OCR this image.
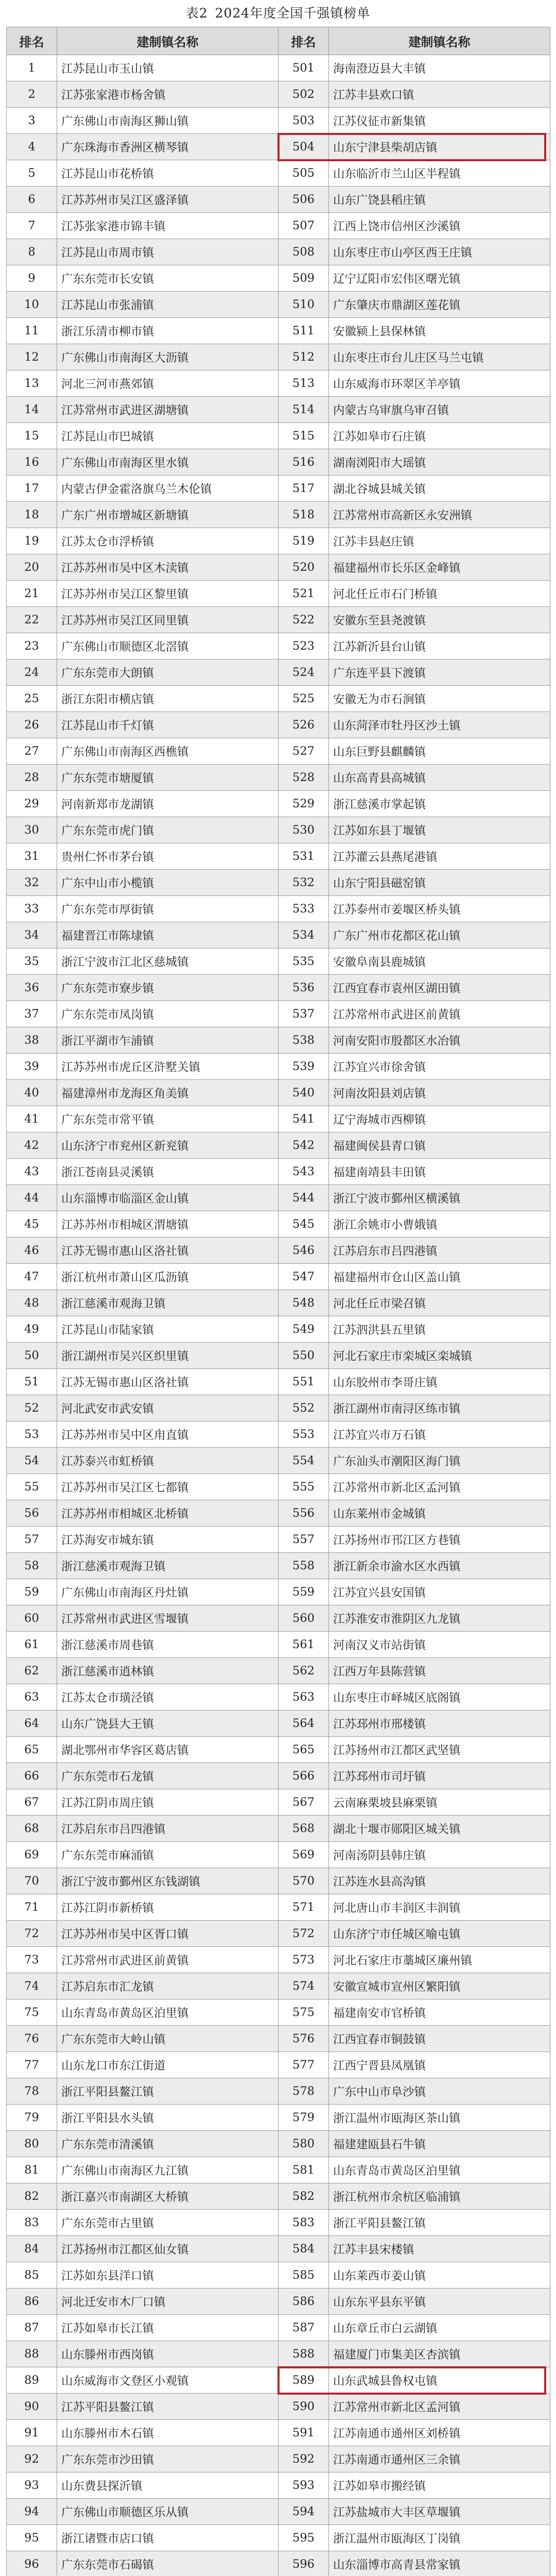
表2 2024年度全国千强镇榜单
排名	建制镇名称	排名	建制镇名称
1	江苏昆山市玉山镇	501	海南澄迈县大丰镇
2	江苏张家港市杨舍镇	502	江苏丰县欢口镇
3	广东佛山市南海区狮山镇	503	江苏仪征市新集镇
4	广东珠海市香洲区横琴镇	504	山东宁津县柴胡店镇
5	江苏昆山市花桥镇	505	山东临沂市兰山区半程镇
6	江苏苏州市吴江区盛泽镇	506	山东广饶县稻庄镇
7	江苏张家港市锦丰镇	507	江西上饶市信州区沙溪镇
8	江苏昆山市周市镇	508	山东枣庄市山亭区西王庄镇
9	广东东莞市长安镇	509	辽宁辽阳市宏伟区曙光镇
10	江苏昆山市张浦镇	510	广东肇庆市鼎湖区莲花镇
11	浙江乐清市柳市镇	511	安徽颍上县保林镇
12	广东佛山市南海区大沥镇	512	山东枣庄市台儿庄区马兰屯镇
13	河北三河市燕郊镇	513	山东威海市环翠区羊亭镇
14	江苏常州市武进区湖塘镇	514	内蒙古乌审旗乌审召镇
15	江苏昆山市巴城镇	515	江苏如皋市石庄镇
16	广东佛山市南海区里水镇	516	湖南浏阳市大瑶镇
17	内蒙古伊金霍洛旗乌兰木伦镇	517	湖北谷城县城关镇
18	广东广州市增城区新塘镇	518	江苏常州市高新区永安洲镇
19	江苏太仓市浮桥镇	519	江苏丰县赵庄镇
20	江苏苏州市吴中区木渎镇	520	福建福州市长乐区金峰镇
21	江苏苏州市吴江区黎里镇	521	河北任丘市石门桥镇
22	江苏苏州市吴江区同里镇	522	安徽东至县尧渡镇
23	广东佛山市顺德区北滘镇	523	江苏新沂县台山镇
24	广东东莞市大朗镇	524	广东连平县下渡镇
25	浙江东阳市横店镇	525	安徽无为市石涧镇
26	江苏昆山市千灯镇	526	山东菏泽市牡丹区沙土镇
27	广东佛山市南海区西樵镇	527	山东巨野县麒麟镇
28	广东东莞市塘厦镇	528	山东高青县高城镇
29	河南新郑市龙湖镇	529	浙江慈溪市掌起镇
30	广东东莞市虎门镇	530	江苏如东县丁堰镇
31	贵州仁怀市茅台镇	531	江苏灌云县燕尾港镇
32	广东中山市小榄镇	532	山东宁阳县磁窑镇
33	广东东莞市厚街镇	533	江苏泰州市姜堰区桥头镇
34	福建晋江市陈埭镇	534	广东广州市花都区花山镇
35	浙江宁波市江北区慈城镇	535	安徽阜南县鹿城镇
36	广东东莞市寮步镇	536	江西宜春市袁州区湖田镇
37	广东东莞市凤岗镇	537	江苏常州市武进区前黄镇
38	浙江平湖市乍浦镇	538	河南安阳市殷都区水冶镇
39	江苏苏州市虎丘区浒墅关镇	539	江苏宜兴市徐舍镇
40	福建漳州市龙海区角美镇	540	河南汝阳县刘店镇
41	广东东莞市常平镇	541	辽宁海城市西柳镇
42	山东济宁市兖州区新兖镇	542	福建闽侯县青口镇
43	浙江苍南县灵溪镇	543	福建南靖县丰田镇
44	山东淄博市临淄区金山镇	544	浙江宁波市鄞州区横溪镇
45	江苏苏州市相城区渭塘镇	545	浙江余姚市小曹娥镇
46	江苏无锡市惠山区洛社镇	546	江苏启东市吕四港镇
47	浙江杭州市萧山区瓜沥镇	547	福建福州市仓山区盖山镇
48	浙江慈溪市观海卫镇	548	河北任丘市梁召镇
49	江苏昆山市陆家镇	549	江苏泗洪县五里镇
50	浙江湖州市吴兴区织里镇	550	河北石家庄市栾城区栾城镇
51	江苏无锡市惠山区洛社镇	551	山东胶州市李哥庄镇
52	河北武安市武安镇	552	浙江湖州市南浔区练市镇
53	江苏苏州市吴中区甪直镇	553	江苏宜兴市万石镇
54	江苏泰兴市虹桥镇	554	广东汕头市潮阳区海门镇
55	江苏苏州市吴江区七都镇	555	江苏常州市新北区孟河镇
56	江苏苏州市相城区北桥镇	556	山东莱州市金城镇
57	江苏海安市城东镇	557	江苏扬州市邗江区方巷镇
58	浙江慈溪市观海卫镇	558	浙江新余市渝水区水西镇
59	广东佛山市南海区丹灶镇	559	江苏宜兴县安国镇
60	江苏常州市武进区雪堰镇	560	江苏淮安市淮阴区九龙镇
61	浙江慈溪市周巷镇	561	河南汉义市站街镇
62	浙江慈溪市逍林镇	562	江西万年县陈营镇
63	江苏太仓市璜泾镇	563	山东枣庄市峄城区底阁镇
64	山东广饶县大王镇	564	江苏邳州市邢楼镇
65	湖北鄂州市华容区葛店镇	565	江苏扬州市江都区武坚镇
66	广东东莞市石龙镇	566	江苏邳州市司圩镇
67	江苏江阴市周庄镇	567	云南麻栗坡县麻栗镇
68	江苏启东市吕四港镇	568	湖北十堰市郧阳区城关镇
69	广东东莞市麻涌镇	569	河南汤阴县韩庄镇
70	浙江宁波市鄞州区东钱湖镇	570	江苏连水县高沟镇
71	江苏江阴市新桥镇	571	河北唐山市丰润区丰润镇
72	江苏苏州市吴中区胥口镇	572	山东济宁市任城区喻屯镇
73	江苏常州市武进区前黄镇	573	河北石家庄市藁城区廉州镇
74	江苏启东市汇龙镇	574	安徽宣城市宣州区繁阳镇
75	山东青岛市黄岛区泊里镇	575	福建南安市官桥镇
76	广东东莞市大岭山镇	576	江西宜春市铜鼓镇
77	山东龙口市东江街道	577	江西宁晋县凤凰镇
78	浙江平阳县鳌江镇	578	广东中山市阜沙镇
79	浙江平阳县水头镇	579	浙江温州市瓯海区茶山镇
80	广东东莞市清溪镇	580	福建建瓯县石牛镇
81	广东佛山市南海区九江镇	581	山东青岛市黄岛区泊里镇
82	浙江嘉兴市南湖区大桥镇	582	浙江杭州市余杭区临浦镇
83	广东东莞市古里镇	583	浙江平阳县鳌江镇
84	江苏扬州市江都区仙女镇	584	江苏丰县宋楼镇
85	江苏如东县洋口镇	585	山东莱西市姜山镇
86	河北迁安市木厂口镇	586	山东东平县东平镇
87	江苏如皋市长江镇	587	山东章丘市白云湖镇
88	山东滕州市西岗镇	588	福建厦门市集美区杏滨镇
89	山东威海市文登区小观镇	589	山东武城县鲁权屯镇
90	江苏平阳县鳌江镇	590	江苏常州市新北区孟河镇
91	山东滕州市木石镇	591	江苏南通市通州区刘桥镇
92	广东东莞市沙田镇	592	江苏南通市通州区三余镇
93	山东费县探沂镇	593	江苏如皋市搬经镇
94	广东佛山市顺德区乐从镇	594	江苏盐城市大丰区草堰镇
95	浙江诸暨市店口镇	595	浙江温州市瓯海区丁岗镇
96	广东东莞市石碣镇	596	山东淄博市高青县常家镇
